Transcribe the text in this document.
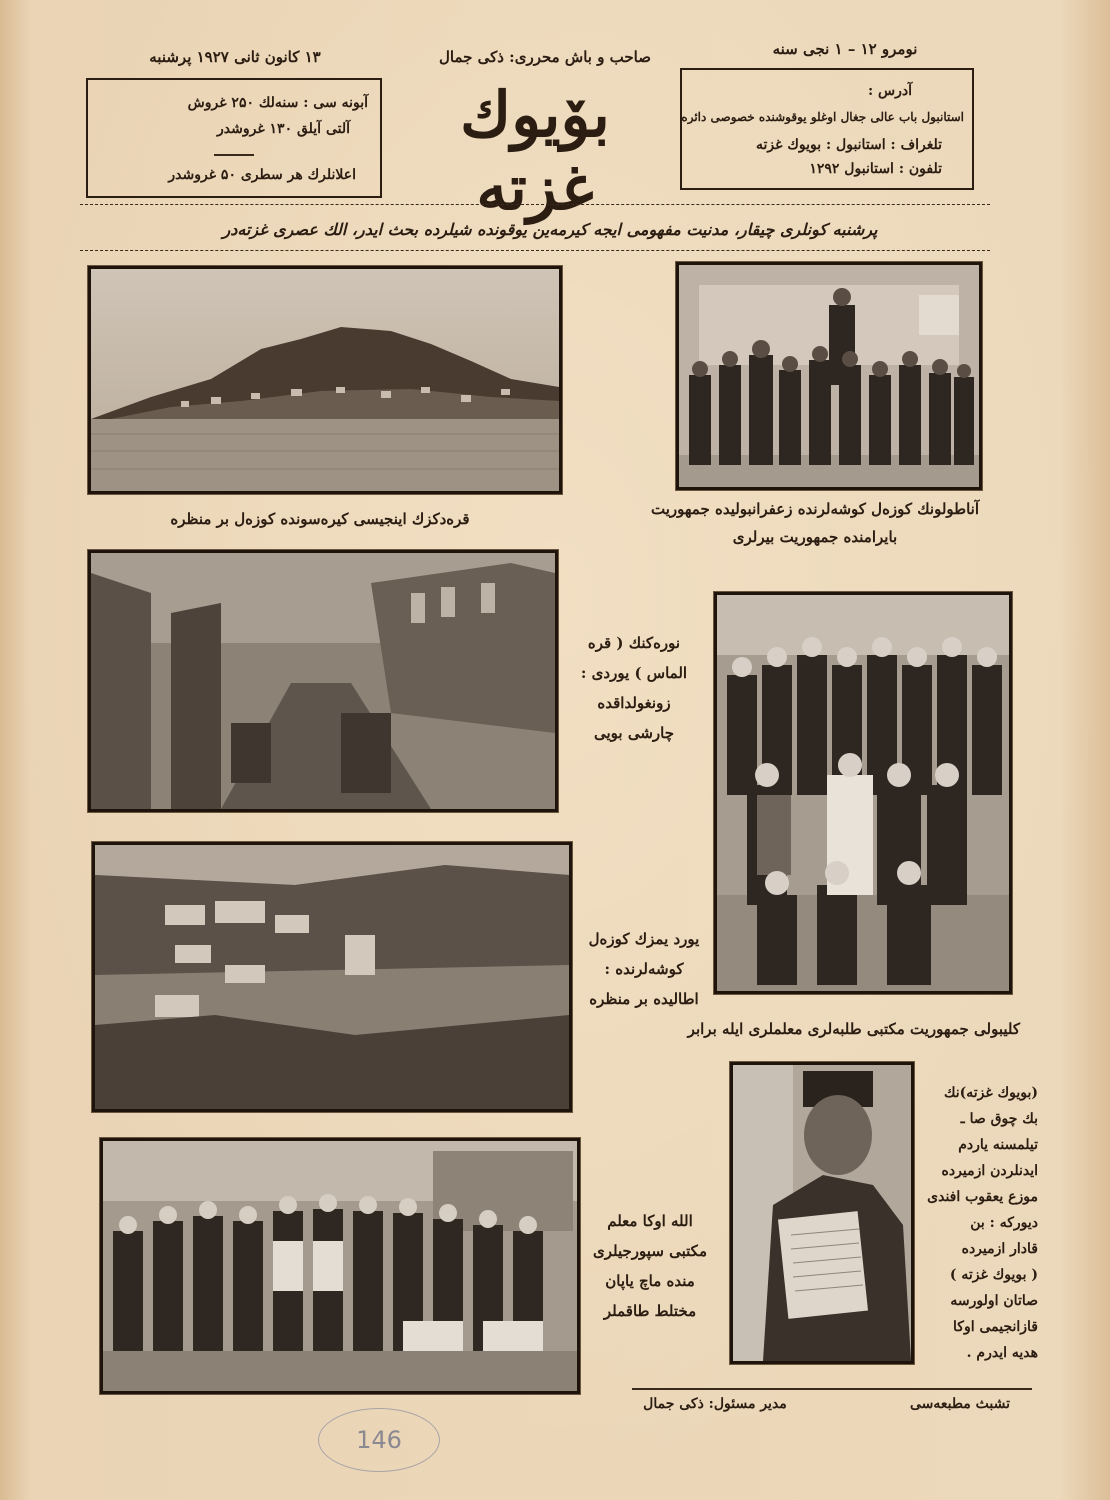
۱۳ کانون ثانی ۱۹۲۷ پرشنبه	صاحب و باش محرری: ذکی جمال	نومرو ۱۲ – ۱ نجی سنه
آبونه سی : سنه‌لك ۲۵۰ غروش
آلتی آیلق ۱۳۰ غروشدر
اعلانلرك هر سطری ۵۰ غروشدر
بۆیوك غزته
آدرس :
استانبول باب عالی جغال اوغلو یوقوشنده خصوصی دائره
تلغراف : استانبول : بویوك غزته
تلفون : استانبول ۱۲۹۲
پرشنبه کونلری چیقار، مدنیت مفهومی ایجه کیرمه‌ین یوقونده شیلرده بحث ایدر، الك عصری غزته‌در
قره‌دکزك اینجیسی کیره‌سونده کوزه‌ل بر منظره
آناطولونك کوزه‌ل کوشه‌لرنده زعفرانبولیده جمهوریت
بایرامنده جمهوریت بیرلری
نوره‌کنك ( قره
الماس ) یوردی :
زونغولداقده
چارشی بویی
کلیبولی جمهوریت مکتبی طلبه‌لری معلملری ایله برابر
یورد یمزك کوزه‌ل
کوشه‌لرنده :
اطالیده بر منظره
الله اوکا معلم
مکتبی سپورجیلری
منده ماچ یاپان
مختلط طاقملر
(بویوك غزته)نك
بك چوق صا ـ
تیلمسنه یاردم
ایدنلردن ازمیرده
موزع یعقوب افندی
دیورکه : بن
قادار ازمیرده
( بویوك غزته )
صاتان اولورسه
قازانجیمی اوکا
هدیه ایدرم .
مدیر مسئول: ذکی جمال	تشبث مطبعه‌سی
146
